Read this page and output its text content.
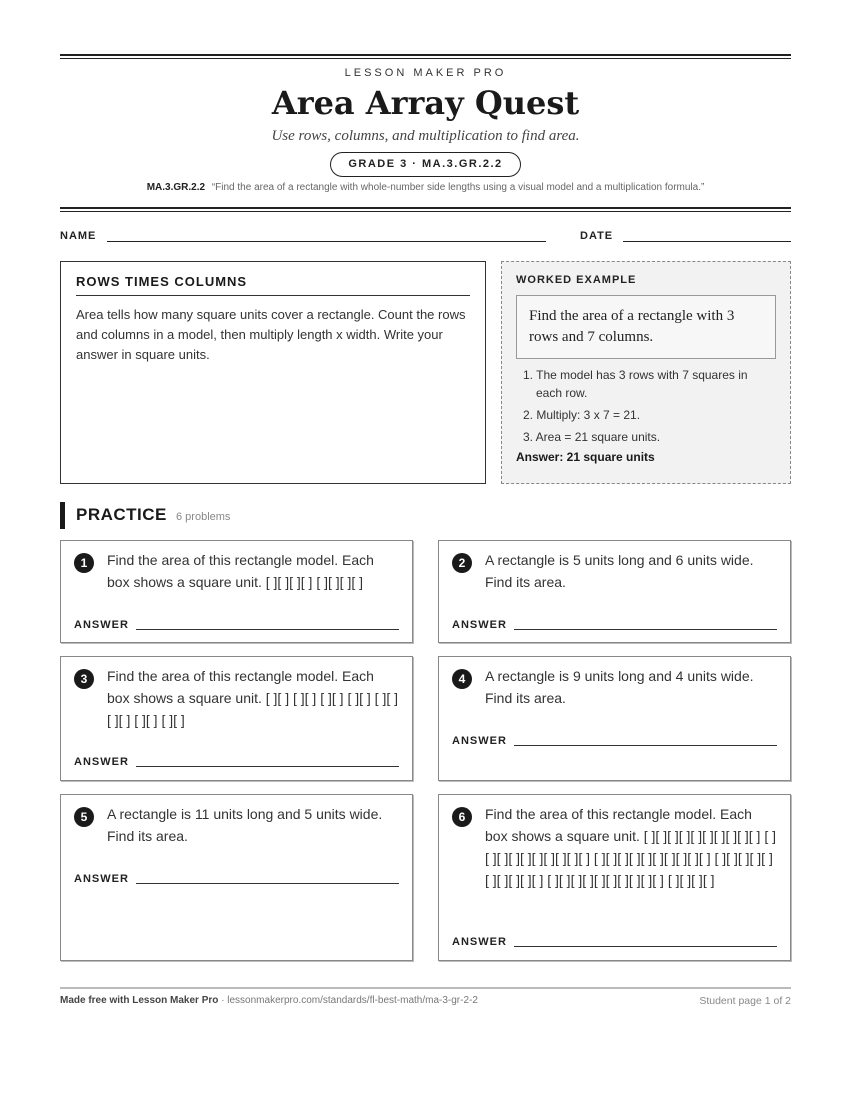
LESSON MAKER PRO
Area Array Quest
Use rows, columns, and multiplication to find area.
GRADE 3 · MA.3.GR.2.2
MA.3.GR.2.2 “Find the area of a rectangle with whole-number side lengths using a visual model and a multiplication formula.”
NAME	DATE
ROWS TIMES COLUMNS
Area tells how many square units cover a rectangle. Count the rows and columns in a model, then multiply length x width. Write your answer in square units.
WORKED EXAMPLE
Find the area of a rectangle with 3 rows and 7 columns.
1. The model has 3 rows with 7 squares in each row.
2. Multiply: 3 x 7 = 21.
3. Area = 21 square units.
Answer: 21 square units
PRACTICE 6 problems
1	Find the area of this rectangle model. Each box shows a square unit. [ ][ ][ ][ ] [ ][ ][ ][ ]
ANSWER
2	A rectangle is 5 units long and 6 units wide. Find its area.
ANSWER
3	Find the area of this rectangle model. Each box shows a square unit. [ ][ ] [ ][ ] [ ][ ] [ ][ ] [ ][ ] [ ][ ] [ ][ ] [ ][ ]
ANSWER
4	A rectangle is 9 units long and 4 units wide. Find its area.
ANSWER
5	A rectangle is 11 units long and 5 units wide. Find its area.
ANSWER
6	Find the area of this rectangle model. Each box shows a square unit. [ ][ ][ ][ ][ ][ ][ ][ ][ ][ ] [ ][ ][ ][ ][ ][ ][ ][ ][ ][ ] [ ][ ][ ][ ][ ][ ][ ][ ][ ][ ] [ ][ ][ ][ ][ ][ ][ ][ ][ ][ ] [ ][ ][ ][ ][ ][ ][ ][ ][ ][ ] [ ][ ][ ][ ]
ANSWER
Made free with Lesson Maker Pro · lessonmakerpro.com/standards/fl-best-math/ma-3-gr-2-2	Student page 1 of 2
